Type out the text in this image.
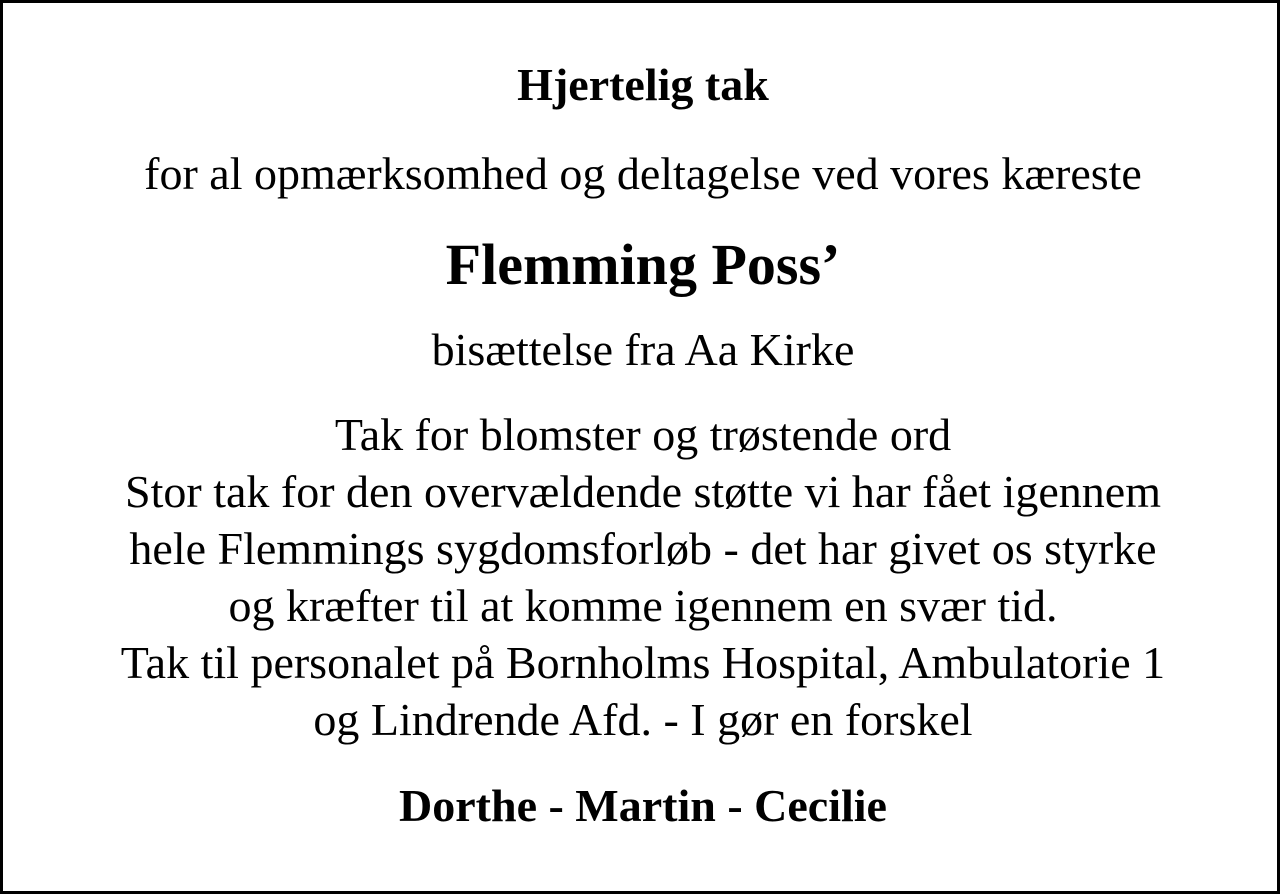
Hjertelig tak
for al opmærksomhed og deltagelse ved vores kæreste
Flemming Poss’
bisættelse fra Aa Kirke
Tak for blomster og trøstende ord
Stor tak for den overvældende støtte vi har fået igennem
hele Flemmings sygdomsforløb - det har givet os styrke
og kræfter til at komme igennem en svær tid.
Tak til personalet på Bornholms Hospital, Ambulatorie 1
og Lindrende Afd. - I gør en forskel
Dorthe - Martin - Cecilie
